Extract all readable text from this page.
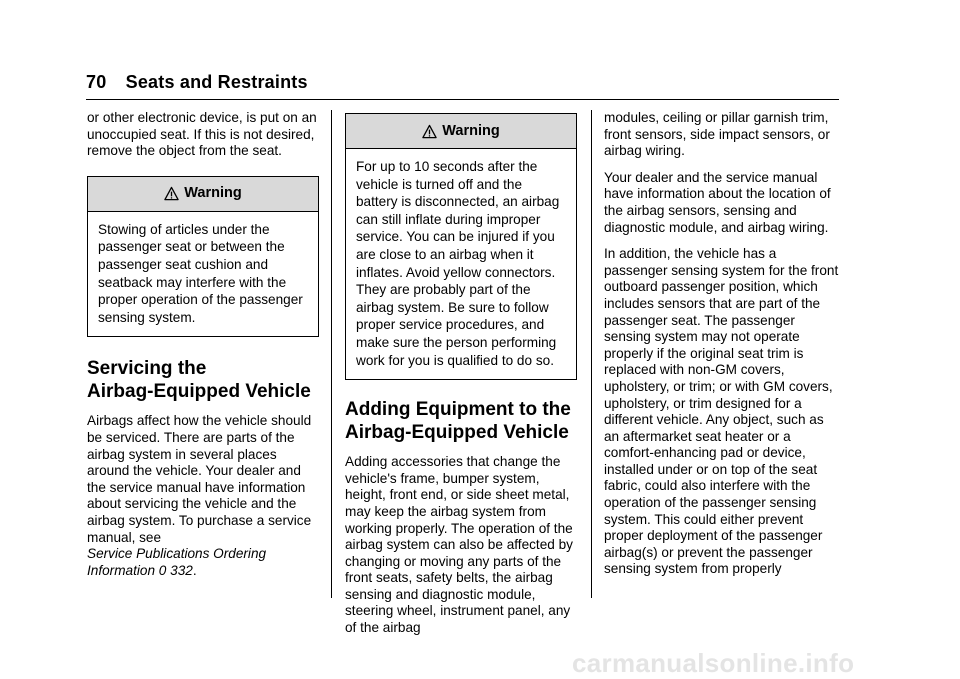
70 Seats and Restraints

or other electronic device, is put on an unoccupied seat. If this is not desired, remove the object from the seat.

Warning
Stowing of articles under the passenger seat or between the passenger seat cushion and seatback may interfere with the proper operation of the passenger sensing system.
Servicing the
Airbag-Equipped Vehicle

Airbags affect how the vehicle should be serviced. There are parts of the airbag system in several places around the vehicle. Your dealer and the service manual have information about servicing the vehicle and the airbag system. To purchase a service manual, see

Service Publications Ordering
Information 0 332.
Warning
For up to 10 seconds after the vehicle is turned off and the battery is disconnected, an airbag can still inflate during improper service. You can be injured if you are close to an airbag when it inflates. Avoid yellow connectors. They are probably part of the airbag system. Be sure to follow proper service procedures, and make sure the person performing work for you is qualified to do so.
Adding Equipment to the
Airbag-Equipped Vehicle

Adding accessories that change the vehicle's frame, bumper system, height, front end, or side sheet metal, may keep the airbag system from working properly. The operation of the airbag system can also be affected by changing or moving any parts of the front seats, safety belts, the airbag sensing and diagnostic module, steering wheel, instrument panel, any of the airbag

modules, ceiling or pillar garnish trim, front sensors, side impact sensors, or airbag wiring.

Your dealer and the service manual have information about the location of the airbag sensors, sensing and diagnostic module, and airbag wiring.

In addition, the vehicle has a passenger sensing system for the front outboard passenger position, which includes sensors that are part of the passenger seat. The passenger sensing system may not operate properly if the original seat trim is replaced with non-GM covers, upholstery, or trim; or with GM covers, upholstery, or trim designed for a different vehicle. Any object, such as an aftermarket seat heater or a comfort-enhancing pad or device, installed under or on top of the seat fabric, could also interfere with the operation of the passenger sensing system. This could either prevent proper deployment of the passenger airbag(s) or prevent the passenger sensing system from properly

carmanualsonline.info
